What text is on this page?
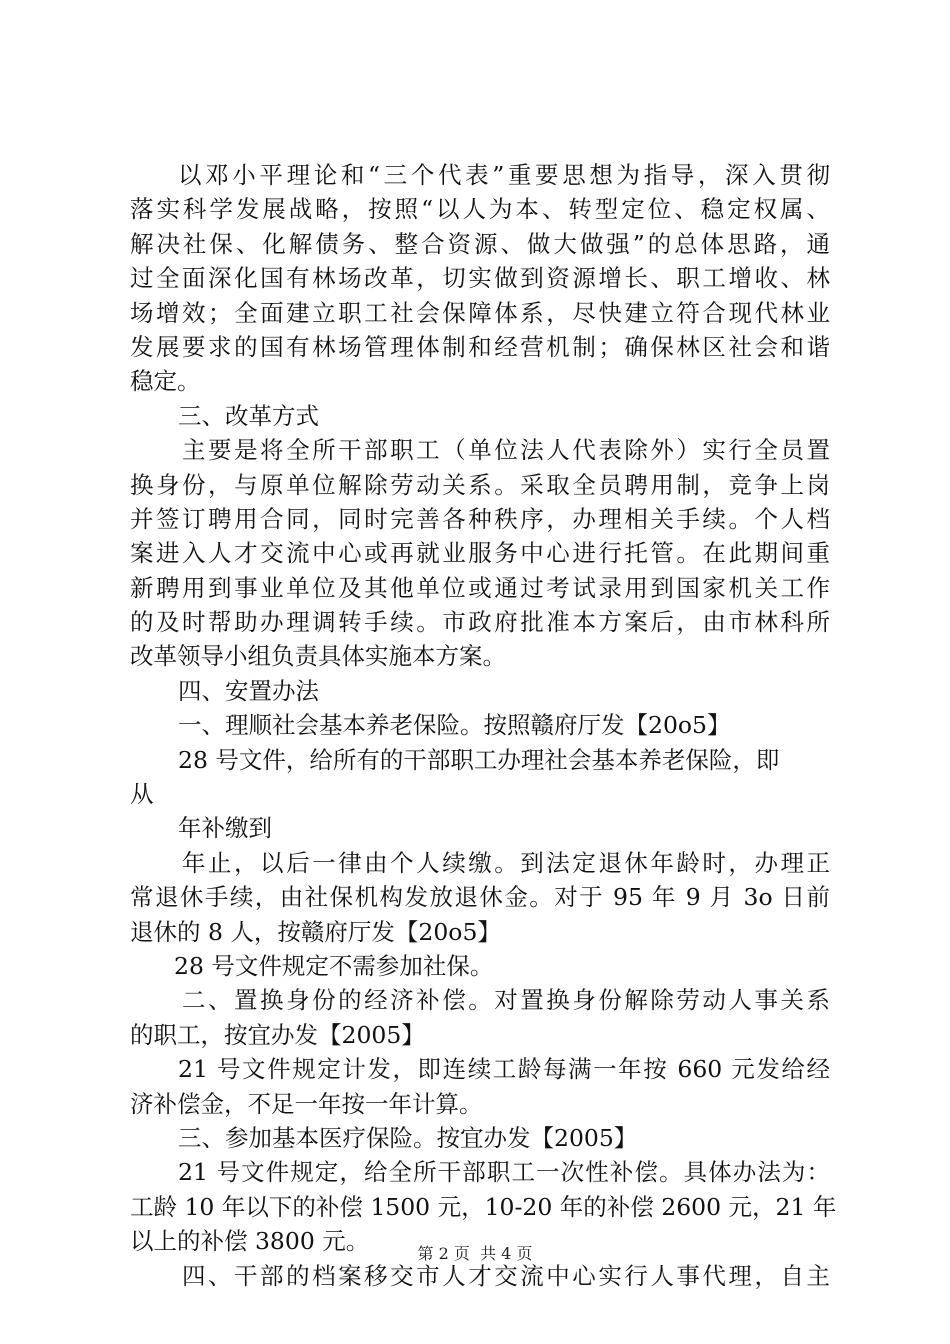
以邓小平理论和“三个代表”重要思想为指导，深入贯彻
落实科学发展战略，按照“以人为本、转型定位、稳定权属、
解决社保、化解债务、整合资源、做大做强”的总体思路，通
过全面深化国有林场改革，切实做到资源增长、职工增收、林
场增效；全面建立职工社会保障体系，尽快建立符合现代林业
发展要求的国有林场管理体制和经营机制；确保林区社会和谐
稳定。
三、改革方式
主要是将全所干部职工（单位法人代表除外）实行全员置
换身份，与原单位解除劳动关系。采取全员聘用制，竞争上岗
并签订聘用合同，同时完善各种秩序，办理相关手续。个人档
案进入人才交流中心或再就业服务中心进行托管。在此期间重
新聘用到事业单位及其他单位或通过考试录用到国家机关工作
的及时帮助办理调转手续。市政府批准本方案后，由市林科所
改革领导小组负责具体实施本方案。
四、安置办法
一、理顺社会基本养老保险。按照赣府厅发【20o5】
28 号文件，给所有的干部职工办理社会基本养老保险，即
从
年补缴到
年止，以后一律由个人续缴。到法定退休年龄时，办理正
常退休手续，由社保机构发放退休金。对于 95 年 9 月 3o 日前
退休的 8 人，按赣府厅发【20o5】
28 号文件规定不需参加社保。
二、置换身份的经济补偿。对置换身份解除劳动人事关系
的职工，按宜办发【2005】
21 号文件规定计发，即连续工龄每满一年按 660 元发给经
济补偿金，不足一年按一年计算。
三、参加基本医疗保险。按宜办发【2005】
21 号文件规定，给全所干部职工一次性补偿。具体办法为：
工龄 10 年以下的补偿 1500 元，10-20 年的补偿 2600 元，21 年
以上的补偿 3800 元。
四、干部的档案移交市人才交流中心实行人事代理，自主
第 2 页  共 4 页
